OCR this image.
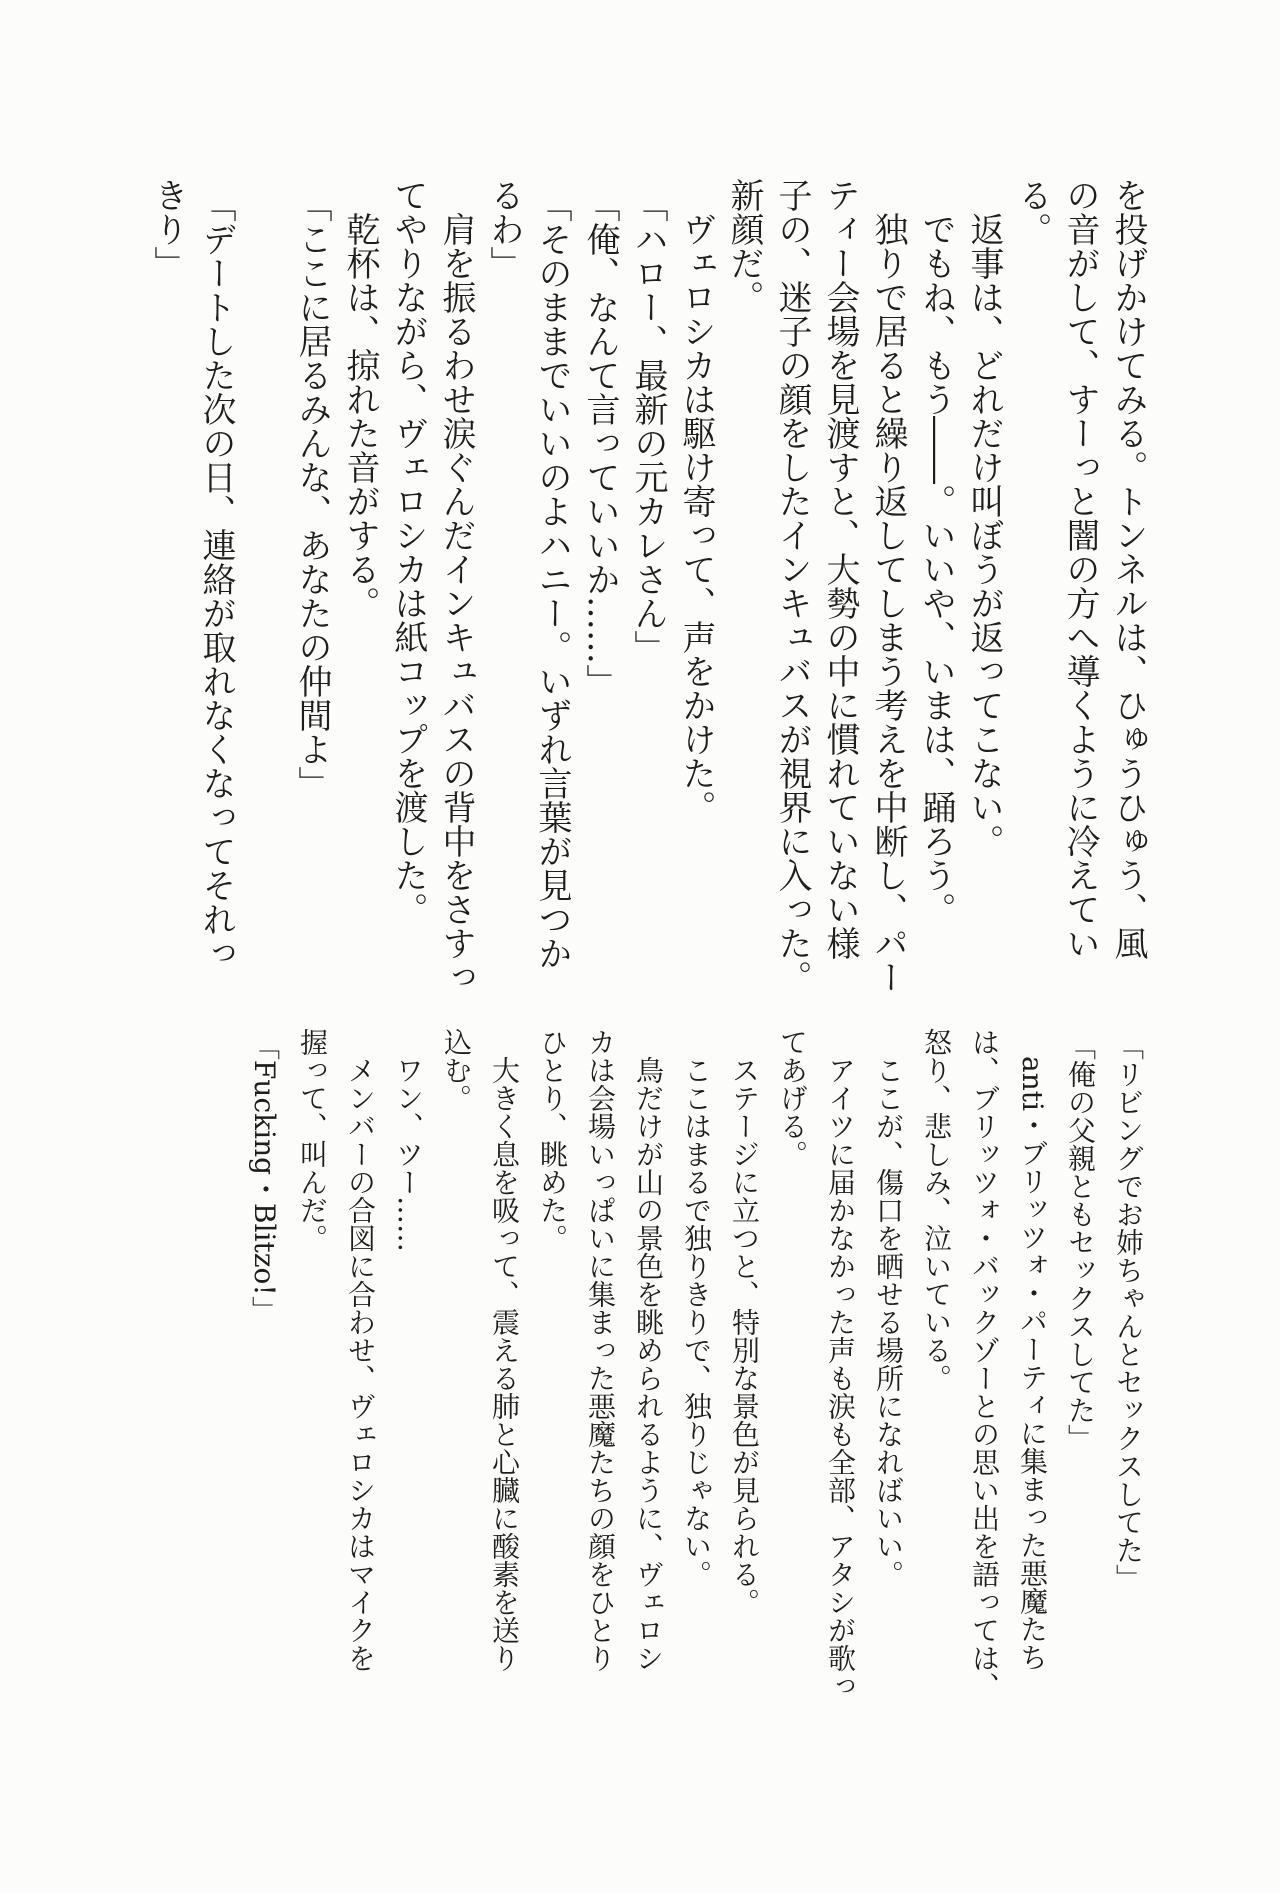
を投げかけてみる。トンネルは、ひゅうひゅう、風
の音がして、すーっと闇の方へ導くように冷えてい
る。
返事は、どれだけ叫ぼうが返ってこない。
でもね、もう――。いいや、いまは、踊ろう。
独りで居ると繰り返してしまう考えを中断し、パー
ティー会場を見渡すと、大勢の中に慣れていない様
子の、迷子の顔をしたインキュバスが視界に入った。
新顔だ。
ヴェロシカは駆け寄って、声をかけた。
「ハロー、最新の元カレさん」
「俺、なんて言っていいか……」
「そのままでいいのよハニー。いずれ言葉が見つか
るわ」
肩を振るわせ涙ぐんだインキュバスの背中をさすっ
てやりながら、ヴェロシカは紙コップを渡した。
乾杯は、掠れた音がする。
「ここに居るみんな、あなたの仲間よ」
「デートした次の日、連絡が取れなくなってそれっ
きり」
「リビングでお姉ちゃんとセックスしてた」
「俺の父親ともセックスしてた」
anti・ブリッツォ・パーティに集まった悪魔たち
は、ブリッツォ・バックゾーとの思い出を語っては、
怒り、悲しみ、泣いている。
ここが、傷口を晒せる場所になればいい。
アイツに届かなかった声も涙も全部、アタシが歌っ
てあげる。
ステージに立つと、特別な景色が見られる。
ここはまるで独りきりで、独りじゃない。
鳥だけが山の景色を眺められるように、ヴェロシ
カは会場いっぱいに集まった悪魔たちの顔をひとり
ひとり、眺めた。
大きく息を吸って、震える肺と心臓に酸素を送り
込む。
ワン、ツー……
メンバーの合図に合わせ、ヴェロシカはマイクを
握って、叫んだ。
「Fucking・Blitzo!」
